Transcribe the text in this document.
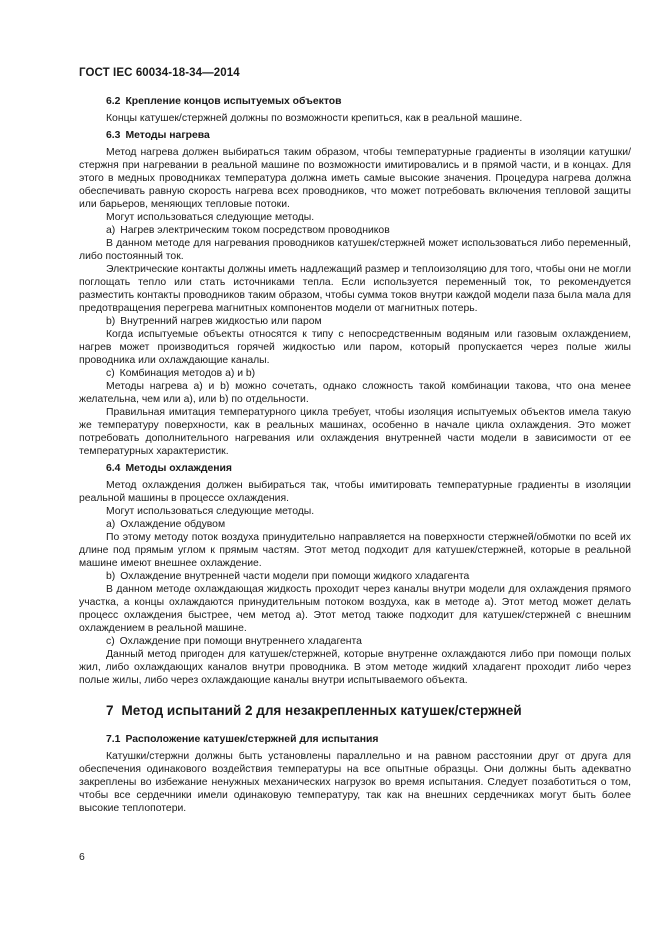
ГОСТ IEC 60034-18-34—2014
6.2 Крепление концов испытуемых объектов

Концы катушек/стержней должны по возможности крепиться, как в реальной машине.

6.3 Методы нагрева

Метод нагрева должен выбираться таким образом, чтобы температурные градиенты в изоляции катушки/стержня при нагревании в реальной машине по возможности имитировались и в прямой части, и в концах. Для этого в медных проводниках температура должна иметь самые высокие значения. Процедура нагрева должна обеспечивать равную скорость нагрева всех проводников, что может потребовать включения тепловой защиты или барьеров, меняющих тепловые потоки.

Могут использоваться следующие методы.

a) Нагрев электрическим током посредством проводников

В данном методе для нагревания проводников катушек/стержней может использоваться либо переменный, либо постоянный ток.

Электрические контакты должны иметь надлежащий размер и теплоизоляцию для того, чтобы они не могли поглощать тепло или стать источниками тепла. Если используется переменный ток, то рекомендуется разместить контакты проводников таким образом, чтобы сумма токов внутри каждой модели паза была мала для предотвращения перегрева магнитных компонентов модели от магнитных потерь.

b) Внутренний нагрев жидкостью или паром

Когда испытуемые объекты относятся к типу с непосредственным водяным или газовым охлаждением, нагрев может производиться горячей жидкостью или паром, который пропускается через полые жилы проводника или охлаждающие каналы.

c) Комбинация методов а) и b)

Методы нагрева а) и b) можно сочетать, однако сложность такой комбинации такова, что она менее желательна, чем или а), или b) по отдельности.

Правильная имитация температурного цикла требует, чтобы изоляция испытуемых объектов имела такую же температуру поверхности, как в реальных машинах, особенно в начале цикла охлаждения. Это может потребовать дополнительного нагревания или охлаждения внутренней части модели в зависимости от ее температурных характеристик.

6.4 Методы охлаждения

Метод охлаждения должен выбираться так, чтобы имитировать температурные градиенты в изоляции реальной машины в процессе охлаждения.

Могут использоваться следующие методы.

a) Охлаждение обдувом

По этому методу поток воздуха принудительно направляется на поверхности стержней/обмотки по всей их длине под прямым углом к прямым частям. Этот метод подходит для катушек/стержней, которые в реальной машине имеют внешнее охлаждение.

b) Охлаждение внутренней части модели при помощи жидкого хладагента

В данном методе охлаждающая жидкость проходит через каналы внутри модели для охлаждения прямого участка, а концы охлаждаются принудительным потоком воздуха, как в методе а). Этот метод может делать процесс охлаждения быстрее, чем метод а). Этот метод также подходит для катушек/стержней с внешним охлаждением в реальной машине.

c) Охлаждение при помощи внутреннего хладагента

Данный метод пригоден для катушек/стержней, которые внутренне охлаждаются либо при помощи полых жил, либо охлаждающих каналов внутри проводника. В этом методе жидкий хладагент проходит либо через полые жилы, либо через охлаждающие каналы внутри испытываемого объекта.

7 Метод испытаний 2 для незакрепленных катушек/стержней
7.1 Расположение катушек/стержней для испытания

Катушки/стержни должны быть установлены параллельно и на равном расстоянии друг от друга для обеспечения одинакового воздействия температуры на все опытные образцы. Они должны быть адекватно закреплены во избежание ненужных механических нагрузок во время испытания. Следует позаботиться о том, чтобы все сердечники имели одинаковую температуру, так как на внешних сердечниках могут быть более высокие теплопотери.

6
